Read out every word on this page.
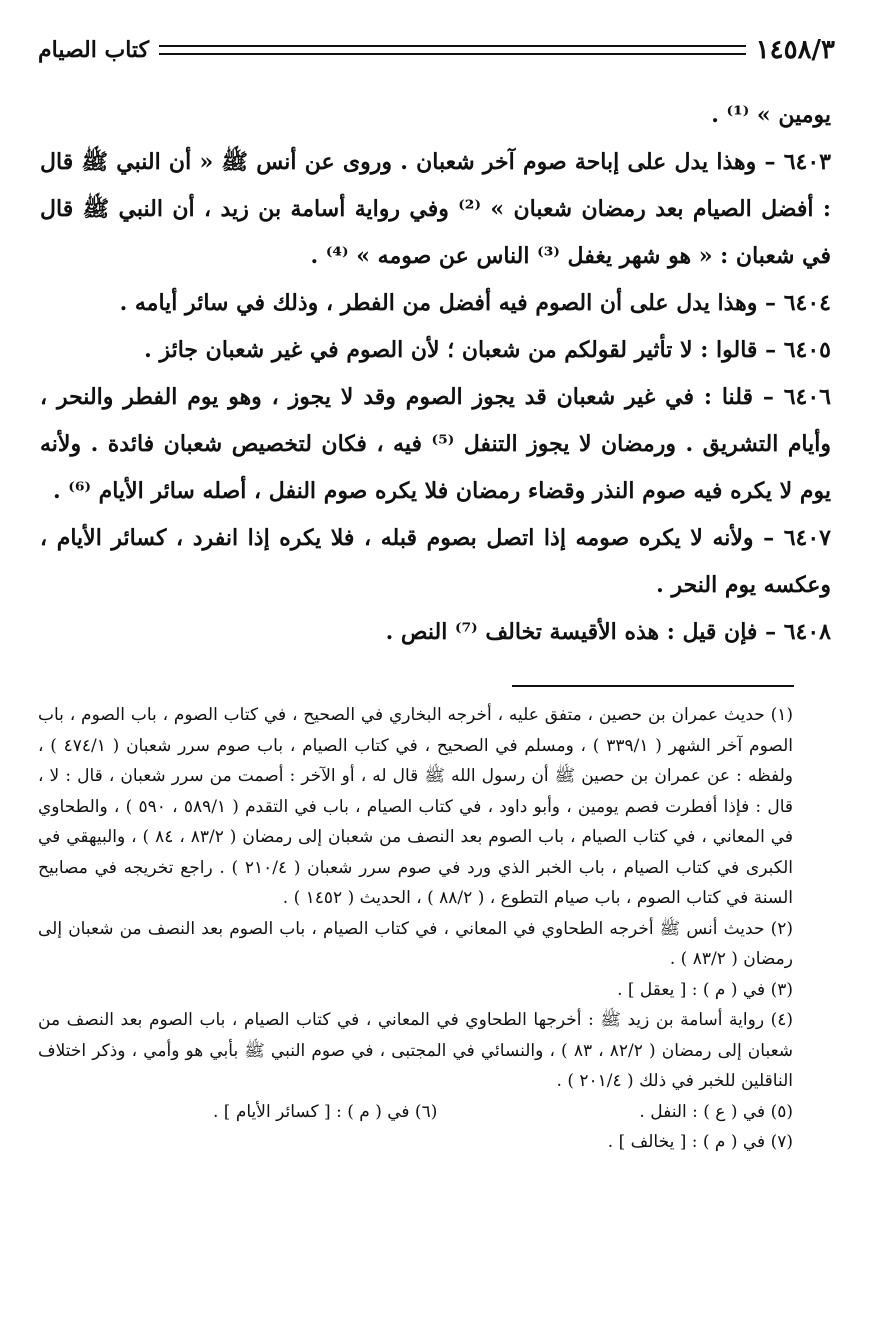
كتاب الصيام	١٤٥٨/٣

يومين » ⁽¹⁾ .

٦٤٠٣ – وهذا يدل على إباحة صوم آخر شعبان . وروى عن أنس ﷺ « أن النبي ﷺ قال : أفضل الصيام بعد رمضان شعبان » ⁽²⁾ وفي رواية أسامة بن زيد ، أن النبي ﷺ قال في شعبان : « هو شهر يغفل ⁽³⁾ الناس عن صومه » ⁽⁴⁾ .

٦٤٠٤ – وهذا يدل على أن الصوم فيه أفضل من الفطر ، وذلك في سائر أيامه .

٦٤٠٥ – قالوا : لا تأثير لقولكم من شعبان ؛ لأن الصوم في غير شعبان جائز .

٦٤٠٦ – قلنا : في غير شعبان قد يجوز الصوم وقد لا يجوز ، وهو يوم الفطر والنحر ، وأيام التشريق . ورمضان لا يجوز التنفل ⁽⁵⁾ فيه ، فكان لتخصيص شعبان فائدة . ولأنه يوم لا يكره فيه صوم النذر وقضاء رمضان فلا يكره صوم النفل ، أصله سائر الأيام ⁽⁶⁾ .

٦٤٠٧ – ولأنه لا يكره صومه إذا اتصل بصوم قبله ، فلا يكره إذا انفرد ، كسائر الأيام ، وعكسه يوم النحر .

٦٤٠٨ – فإن قيل : هذه الأقيسة تخالف ⁽⁷⁾ النص .

(١) حديث عمران بن حصين ، متفق عليه ، أخرجه البخاري في الصحيح ، في كتاب الصوم ، باب الصوم ، باب الصوم آخر الشهر ( ٣٣٩/١ ) ، ومسلم في الصحيح ، في كتاب الصيام ، باب صوم سرر شعبان ( ٤٧٤/١ ) ، ولفظه : عن عمران بن حصين ﷺ أن رسول الله ﷺ قال له ، أو الآخر : أصمت من سرر شعبان ، قال : لا ، قال : فإذا أفطرت فصم يومين ، وأبو داود ، في كتاب الصيام ، باب في التقدم ( ٥٨٩/١ ، ٥٩٠ ) ، والطحاوي في المعاني ، في كتاب الصيام ، باب الصوم بعد النصف من شعبان إلى رمضان ( ٨٣/٢ ، ٨٤ ) ، والبيهقي في الكبرى في كتاب الصيام ، باب الخبر الذي ورد في صوم سرر شعبان ( ٢١٠/٤ ) . راجع تخريجه في مصابيح السنة في كتاب الصوم ، باب صيام التطوع ، ( ٨٨/٢ ) ، الحديث ( ١٤٥٢ ) .

(٢) حديث أنس ﷺ أخرجه الطحاوي في المعاني ، في كتاب الصيام ، باب الصوم بعد النصف من شعبان إلى رمضان ( ٨٣/٢ ) .

(٣) في ( م ) : [ يعقل ] .

(٤) رواية أسامة بن زيد ﷺ : أخرجها الطحاوي في المعاني ، في كتاب الصيام ، باب الصوم بعد النصف من شعبان إلى رمضان ( ٨٢/٢ ، ٨٣ ) ، والنسائي في المجتبى ، في صوم النبي ﷺ بأبي هو وأمي ، وذكر اختلاف الناقلين للخبر في ذلك ( ٢٠١/٤ ) .

(٥) في ( ع ) : النفل .
(٦) في ( م ) : [ كسائر الأيام ] .

(٧) في ( م ) : [ يخالف ] .
